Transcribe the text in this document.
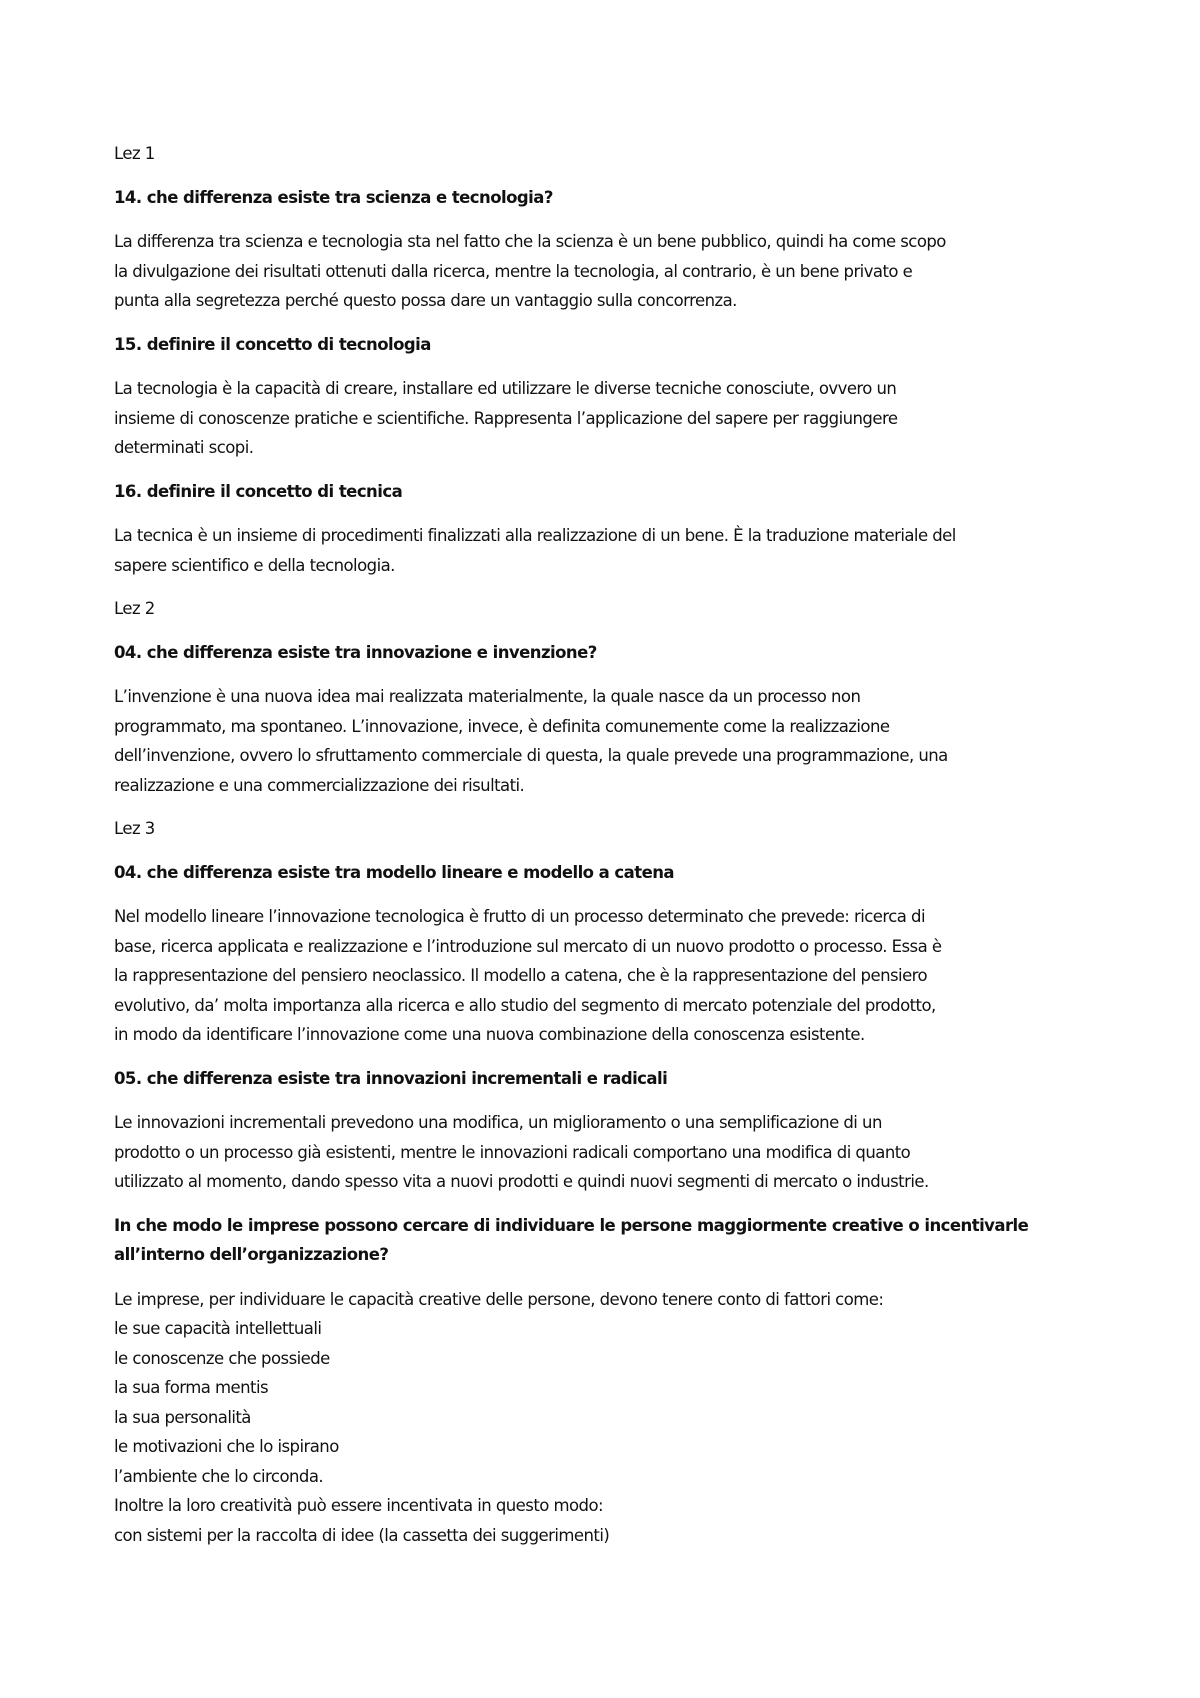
Lez 1

14. che differenza esiste tra scienza e tecnologia?

La differenza tra scienza e tecnologia sta nel fatto che la scienza è un bene pubblico, quindi ha come scopo

la divulgazione dei risultati ottenuti dalla ricerca, mentre la tecnologia, al contrario, è un bene privato e

punta alla segretezza perché questo possa dare un vantaggio sulla concorrenza.

15. definire il concetto di tecnologia

La tecnologia è la capacità di creare, installare ed utilizzare le diverse tecniche conosciute, ovvero un

insieme di conoscenze pratiche e scientifiche. Rappresenta l’applicazione del sapere per raggiungere

determinati scopi.

16. definire il concetto di tecnica

La tecnica è un insieme di procedimenti finalizzati alla realizzazione di un bene. È la traduzione materiale del

sapere scientifico e della tecnologia.

Lez 2

04. che differenza esiste tra innovazione e invenzione?

L’invenzione è una nuova idea mai realizzata materialmente, la quale nasce da un processo non

programmato, ma spontaneo. L’innovazione, invece, è definita comunemente come la realizzazione

dell’invenzione, ovvero lo sfruttamento commerciale di questa, la quale prevede una programmazione, una

realizzazione e una commercializzazione dei risultati.

Lez 3

04. che differenza esiste tra modello lineare e modello a catena

Nel modello lineare l’innovazione tecnologica è frutto di un processo determinato che prevede: ricerca di

base, ricerca applicata e realizzazione e l’introduzione sul mercato di un nuovo prodotto o processo. Essa è

la rappresentazione del pensiero neoclassico. Il modello a catena, che è la rappresentazione del pensiero

evolutivo, da’ molta importanza alla ricerca e allo studio del segmento di mercato potenziale del prodotto,

in modo da identificare l’innovazione come una nuova combinazione della conoscenza esistente.

05. che differenza esiste tra innovazioni incrementali e radicali

Le innovazioni incrementali prevedono una modifica, un miglioramento o una semplificazione di un

prodotto o un processo già esistenti, mentre le innovazioni radicali comportano una modifica di quanto

utilizzato al momento, dando spesso vita a nuovi prodotti e quindi nuovi segmenti di mercato o industrie.

In che modo le imprese possono cercare di individuare le persone maggiormente creative o incentivarle

all’interno dell’organizzazione?

Le imprese, per individuare le capacità creative delle persone, devono tenere conto di fattori come:

le sue capacità intellettuali

le conoscenze che possiede

la sua forma mentis

la sua personalità

le motivazioni che lo ispirano

l’ambiente che lo circonda.

Inoltre la loro creatività può essere incentivata in questo modo:

con sistemi per la raccolta di idee (la cassetta dei suggerimenti)
